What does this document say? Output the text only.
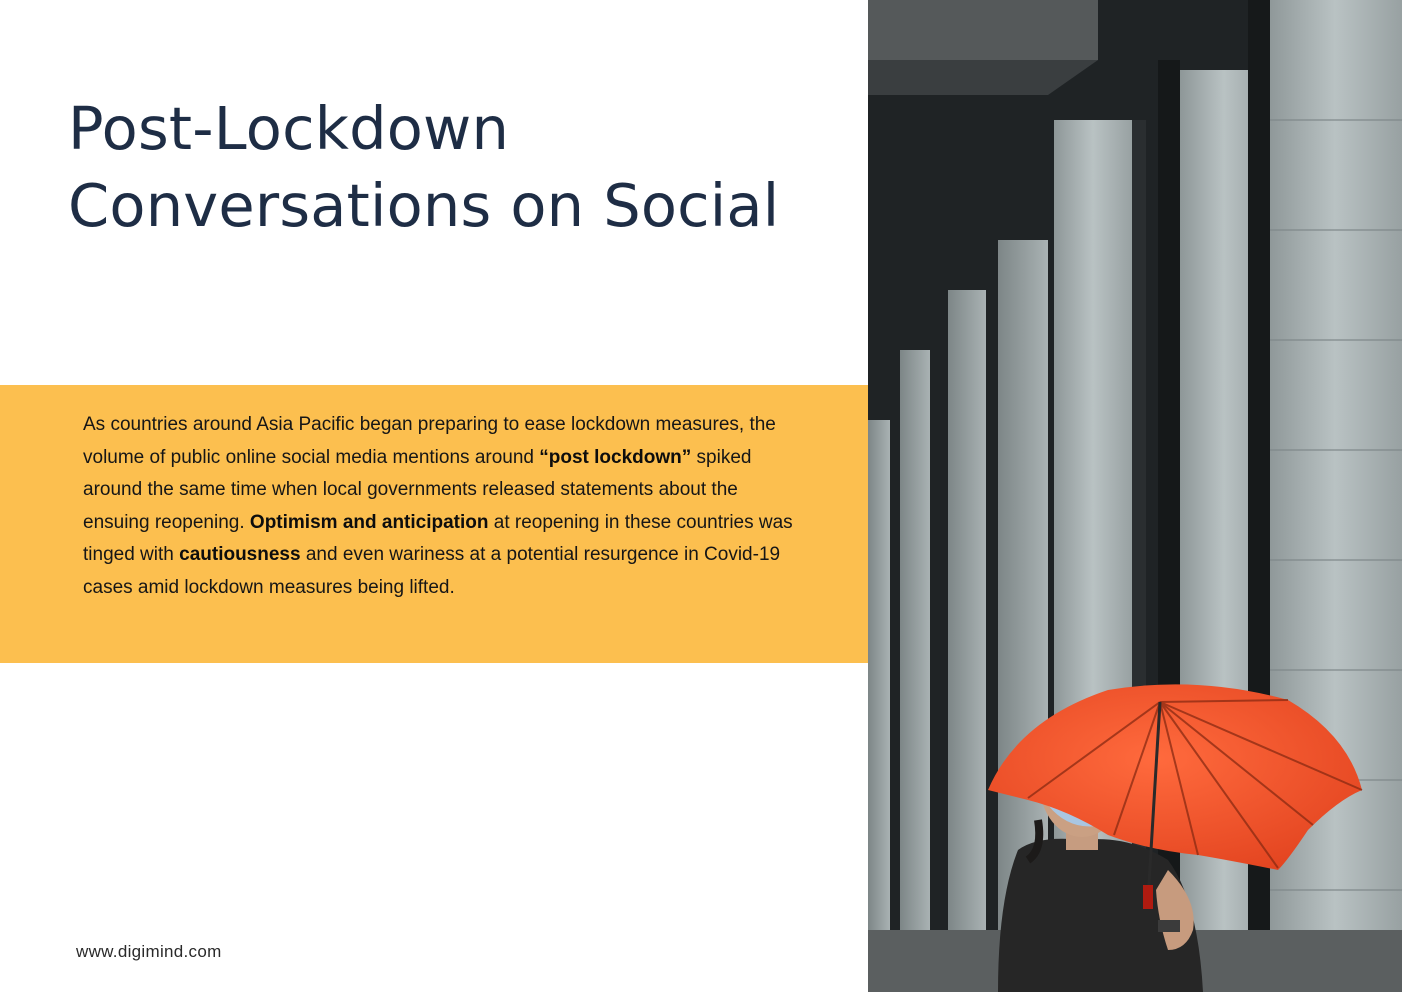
Post-Lockdown
Conversations on Social

As countries around Asia Pacific began preparing to ease lockdown measures, the volume of public online social media mentions around “post lockdown” spiked around the same time when local governments released statements about the ensuing reopening. Optimism and anticipation at reopening in these countries was tinged with cautiousness and even wariness at a potential resurgence in Covid-19 cases amid lockdown measures being lifted.

www.digimind.com
